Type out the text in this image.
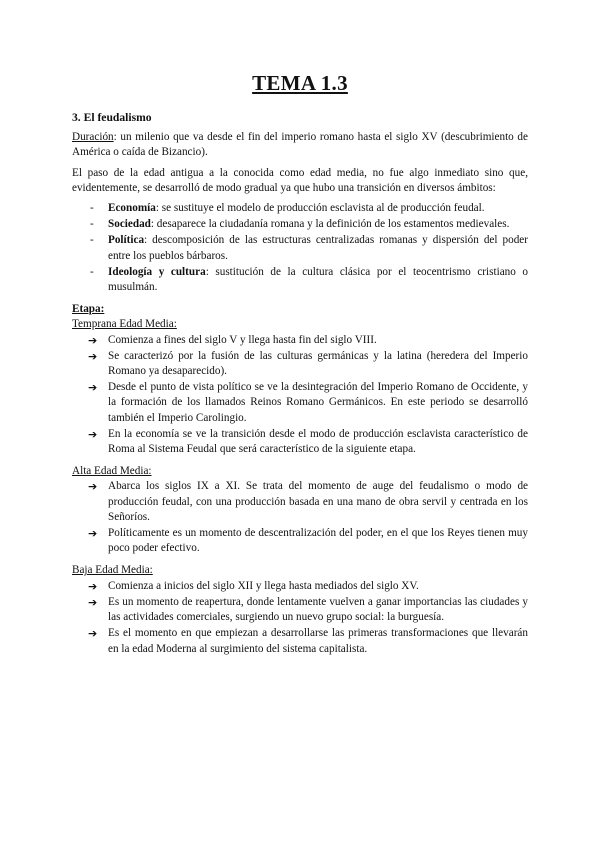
TEMA 1.3
3. El feudalismo

Duración: un milenio que va desde el fin del imperio romano hasta el siglo XV (descubrimiento de América o caída de Bizancio).

El paso de la edad antigua a la conocida como edad media, no fue algo inmediato sino que, evidentemente, se desarrolló de modo gradual ya que hubo una transición en diversos ámbitos:

- Economía: se sustituye el modelo de producción esclavista al de producción feudal.
- Sociedad: desaparece la ciudadanía romana y la definición de los estamentos medievales.
- Política: descomposición de las estructuras centralizadas romanas y dispersión del poder entre los pueblos bárbaros.
- Ideología y cultura: sustitución de la cultura clásica por el teocentrismo cristiano o musulmán.
Etapa:
Temprana Edad Media:
➔ Comienza a fines del siglo V y llega hasta fin del siglo VIII.
➔ Se caracterizó por la fusión de las culturas germánicas y la latina (heredera del Imperio Romano ya desaparecido).
➔ Desde el punto de vista político se ve la desintegración del Imperio Romano de Occidente, y la formación de los llamados Reinos Romano Germánicos. En este periodo se desarrolló también el Imperio Carolingio.
➔ En la economía se ve la transición desde el modo de producción esclavista característico de Roma al Sistema Feudal que será característico de la siguiente etapa.
Alta Edad Media:
➔ Abarca los siglos IX a XI. Se trata del momento de auge del feudalismo o modo de producción feudal, con una producción basada en una mano de obra servil y centrada en los Señoríos.
➔ Políticamente es un momento de descentralización del poder, en el que los Reyes tienen muy poco poder efectivo.
Baja Edad Media:
➔ Comienza a inicios del siglo XII y llega hasta mediados del siglo XV.
➔ Es un momento de reapertura, donde lentamente vuelven a ganar importancias las ciudades y las actividades comerciales, surgiendo un nuevo grupo social: la burguesía.
➔ Es el momento en que empiezan a desarrollarse las primeras transformaciones que llevarán en la edad Moderna al surgimiento del sistema capitalista.
